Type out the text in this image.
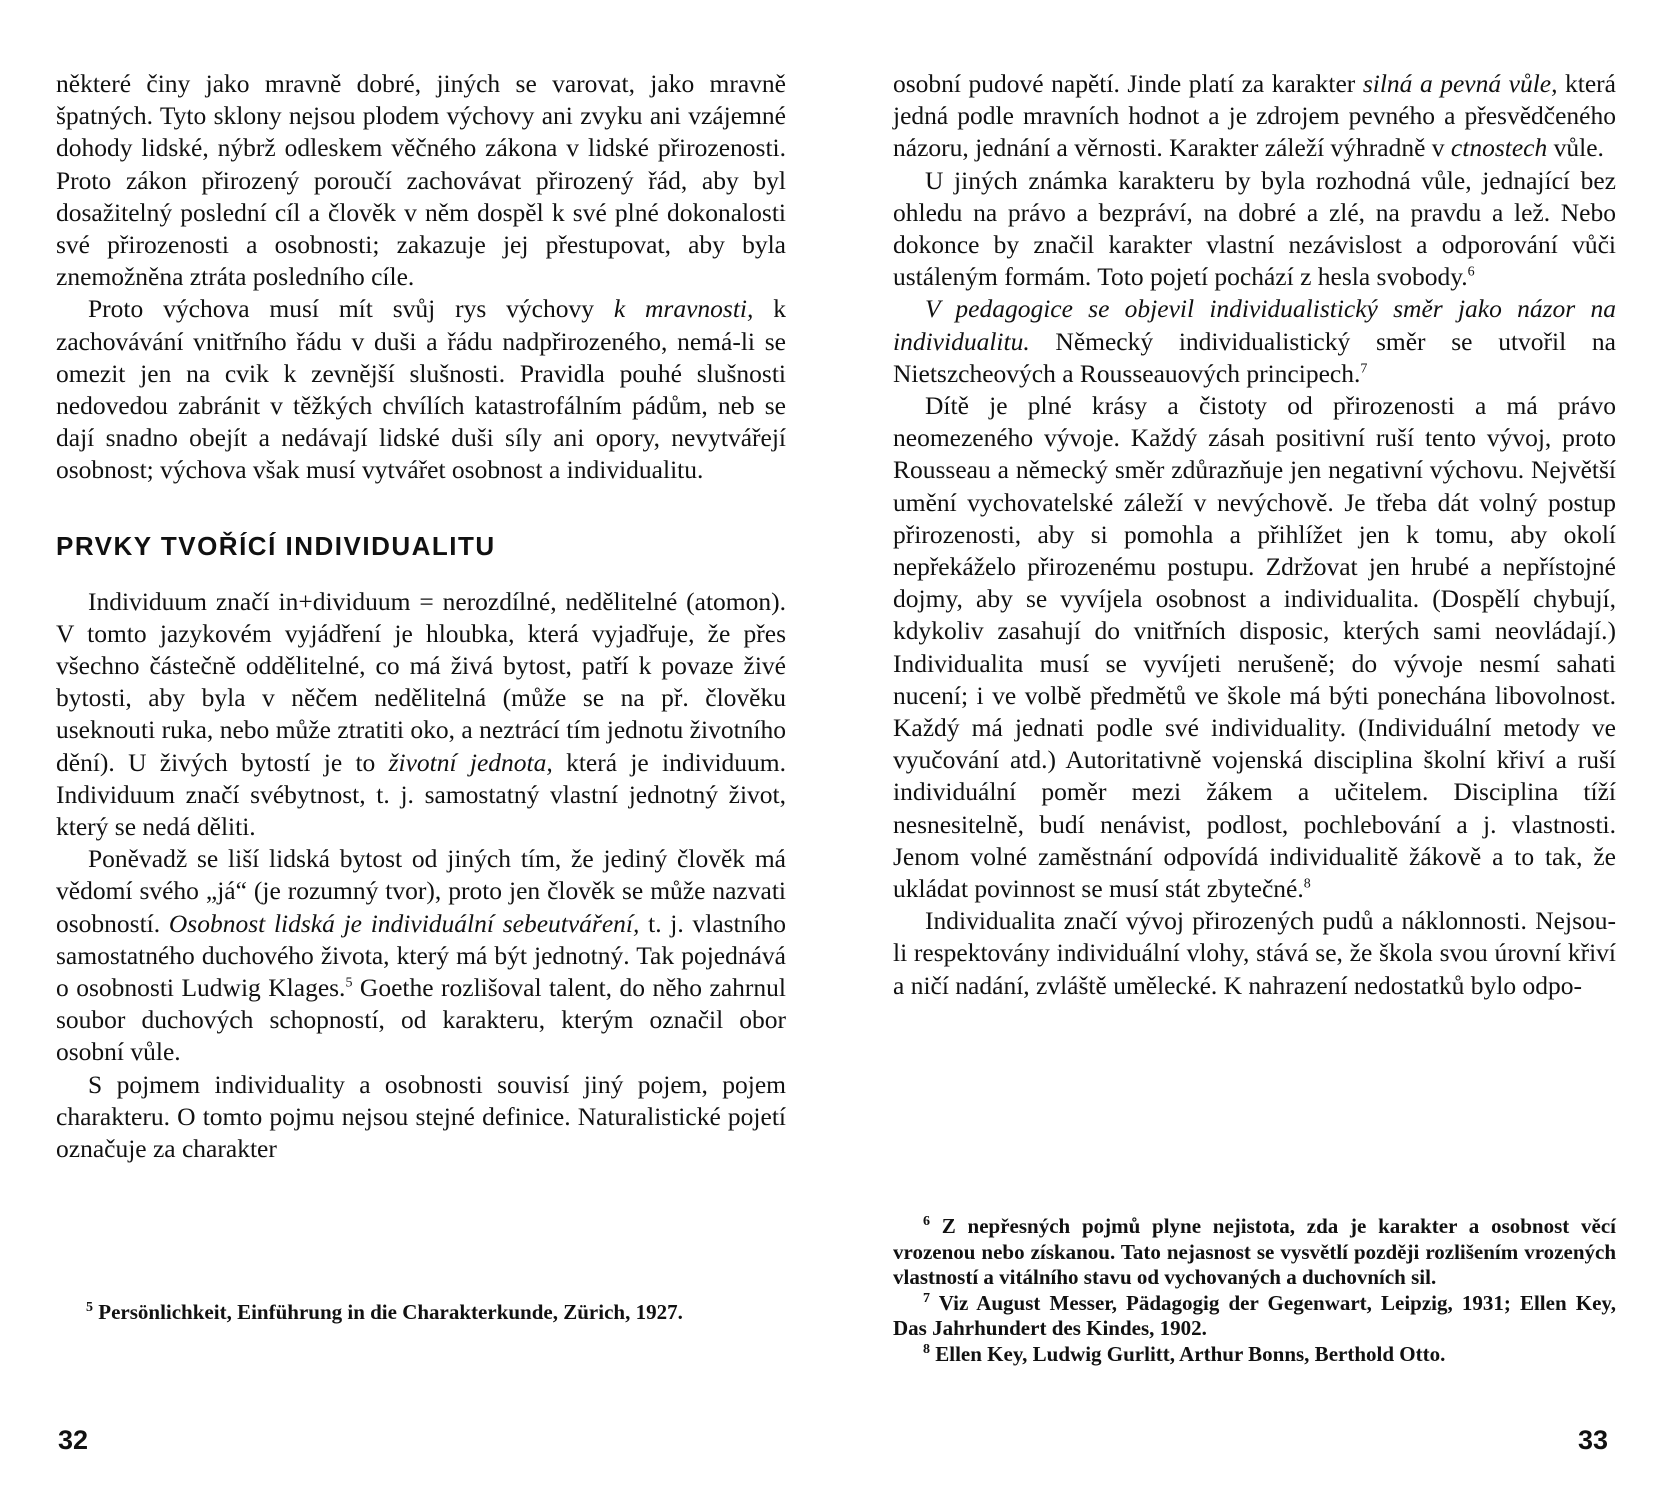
některé činy jako mravně dobré, jiných se varovat, jako mravně špatných. Tyto sklony nejsou plodem výchovy ani zvyku ani vzájemné dohody lidské, nýbrž odleskem věčného zákona v lidské přirozenosti. Proto zákon přirozený poroučí zachovávat přirozený řád, aby byl dosažitelný poslední cíl a člověk v něm dospěl k své plné dokonalosti své přirozenosti a osobnosti; zakazuje jej přestupovat, aby byla znemožněna ztráta posledního cíle.

Proto výchova musí mít svůj rys výchovy k mravnosti, k zachovávání vnitřního řádu v duši a řádu nadpřirozeného, nemá-li se omezit jen na cvik k zevnější slušnosti. Pravidla pouhé slušnosti nedovedou zabránit v těžkých chvílích katastrofálním pádům, neb se dají snadno obejít a nedávají lidské duši síly ani opory, nevytvářejí osobnost; výchova však musí vytvářet osobnost a individualitu.

PRVKY TVOŘÍCÍ INDIVIDUALITU

Individuum značí in+dividuum = nerozdílné, nedělitelné (atomon). V tomto jazykovém vyjádření je hloubka, která vyjadřuje, že přes všechno částečně oddělitelné, co má živá bytost, patří k povaze živé bytosti, aby byla v něčem nedělitelná (může se na př. člověku useknouti ruka, nebo může ztratiti oko, a neztrácí tím jednotu životního dění). U živých bytostí je to životní jednota, která je individuum. Individuum značí svébytnost, t. j. samostatný vlastní jednotný život, který se nedá děliti.

Poněvadž se liší lidská bytost od jiných tím, že jediný člověk má vědomí svého „já“ (je rozumný tvor), proto jen člověk se může nazvati osobností. Osobnost lidská je individuální sebeutváření, t. j. vlastního samostatného duchového života, který má být jednotný. Tak pojednává o osobnosti Ludwig Klages.$^5$ Goethe rozlišoval talent, do něho zahrnul soubor duchových schopností, od karakteru, kterým označil obor osobní vůle.

S pojmem individuality a osobnosti souvisí jiný pojem, pojem charakteru. O tomto pojmu nejsou stejné definice. Naturalistické pojetí označuje za charakter

$^5$ Persönlichkeit, Einführung in die Charakterkunde, Zürich, 1927.

32

osobní pudové napětí. Jinde platí za karakter silná a pevná vůle, která jedná podle mravních hodnot a je zdrojem pevného a přesvědčeného názoru, jednání a věrnosti. Karakter záleží výhradně v ctnostech vůle.

U jiných známka karakteru by byla rozhodná vůle, jednající bez ohledu na právo a bezpráví, na dobré a zlé, na pravdu a lež. Nebo dokonce by značil karakter vlastní nezávislost a odporování vůči ustáleným formám. Toto pojetí pochází z hesla svobody.$^6$

V pedagogice se objevil individualistický směr jako názor na individualitu. Německý individualistický směr se utvořil na Nietszcheových a Rousseauových principech.$^7$

Dítě je plné krásy a čistoty od přirozenosti a má právo neomezeného vývoje. Každý zásah positivní ruší tento vývoj, proto Rousseau a německý směr zdůrazňuje jen negativní výchovu. Největší umění vychovatelské záleží v nevýchově. Je třeba dát volný postup přirozenosti, aby si pomohla a přihlížet jen k tomu, aby okolí nepřekáželo přirozenému postupu. Zdržovat jen hrubé a nepřístojné dojmy, aby se vyvíjela osobnost a individualita. (Dospělí chybují, kdykoliv zasahují do vnitřních disposic, kterých sami neovládají.) Individualita musí se vyvíjeti nerušeně; do vývoje nesmí sahati nucení; i ve volbě předmětů ve škole má býti ponechána libovolnost. Každý má jednati podle své individuality. (Individuální metody ve vyučování atd.) Autoritativně vojenská disciplina školní křiví a ruší individuální poměr mezi žákem a učitelem. Disciplina tíží nesnesitelně, budí nenávist, podlost, pochlebování a j. vlastnosti. Jenom volné zaměstnání odpovídá individualitě žákově a to tak, že ukládat povinnost se musí stát zbytečné.$^8$

Individualita značí vývoj přirozených pudů a náklonnosti. Nejsou-li respektovány individuální vlohy, stává se, že škola svou úrovní křiví a ničí nadání, zvláště umělecké. K nahrazení nedostatků bylo odpo-

$^6$ Z nepřesných pojmů plyne nejistota, zda je karakter a osobnost věcí vrozenou nebo získanou. Tato nejasnost se vysvětlí později rozlišením vrozených vlastností a vitálního stavu od vychovaných a duchovních sil.

$^7$ Viz August Messer, Pädagogig der Gegenwart, Leipzig, 1931; Ellen Key, Das Jahrhundert des Kindes, 1902.

$^8$ Ellen Key, Ludwig Gurlitt, Arthur Bonns, Berthold Otto.

33
